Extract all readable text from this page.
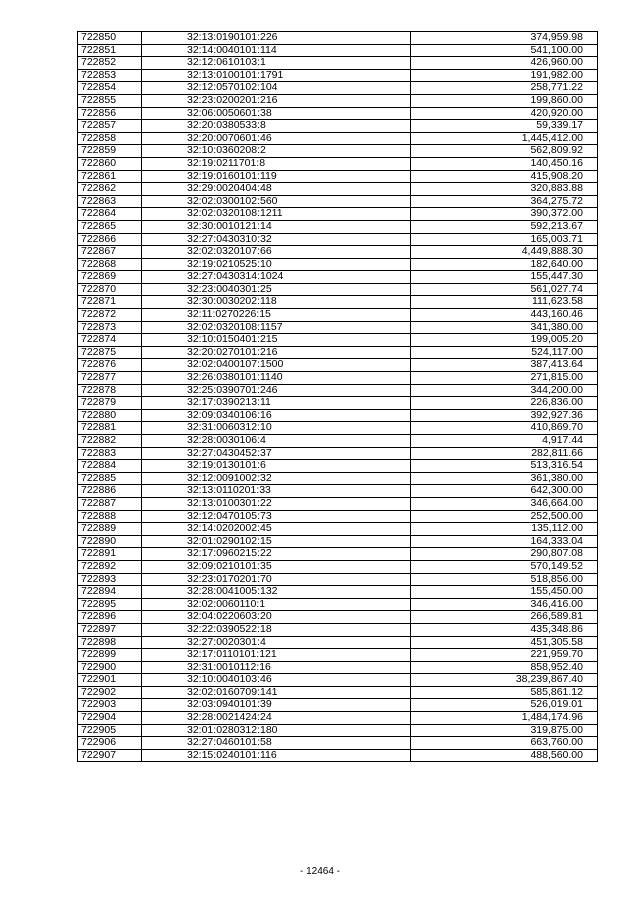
722850	32:13:0190101:226	374,959.98
722851	32:14:0040101:114	541,100.00
722852	32:12:0610103:1	426,960.00
722853	32:13:0100101:1791	191,982.00
722854	32:12:0570102:104	258,771.22
722855	32:23:0200201:216	199,860.00
722856	32:06:0050601:38	420,920.00
722857	32:20:0380533:8	59,339.17
722858	32:20:0070601:46	1,445,412.00
722859	32:10:0360208:2	562,809.92
722860	32:19:0211701:8	140,450.16
722861	32:19:0160101:119	415,908.20
722862	32:29:0020404:48	320,883.88
722863	32:02:0300102:560	364,275.72
722864	32:02:0320108:1211	390,372.00
722865	32:30:0010121:14	592,213.67
722866	32:27:0430310:32	165,003.71
722867	32:02:0320107:66	4,449,888.30
722868	32:19:0210525:10	182,640.00
722869	32:27:0430314:1024	155,447.30
722870	32:23:0040301:25	561,027.74
722871	32:30:0030202:118	111,623.58
722872	32:11:0270226:15	443,160.46
722873	32:02:0320108:1157	341,380.00
722874	32:10:0150401:215	199,005.20
722875	32:20:0270101:216	524,117.00
722876	32:02:0400107:1500	387,413.64
722877	32:26:0380101:1140	271,815.00
722878	32:25:0390701:246	344,200.00
722879	32:17:0390213:11	226,836.00
722880	32:09:0340106:16	392,927.36
722881	32:31:0060312:10	410,869.70
722882	32:28:0030106:4	4,917.44
722883	32:27:0430452:37	282,811.66
722884	32:19:0130101:6	513,316.54
722885	32:12:0091002:32	361,380.00
722886	32:13:0110201:33	642,300.00
722887	32:13:0100301:22	346,664.00
722888	32:12:0470105:73	252,500.00
722889	32:14:0202002:45	135,112.00
722890	32:01:0290102:15	164,333.04
722891	32:17:0960215:22	290,807.08
722892	32:09:0210101:35	570,149.52
722893	32:23:0170201:70	518,856.00
722894	32:28:0041005:132	155,450.00
722895	32:02:0060110:1	346,416.00
722896	32:04:0220603:20	266,589.81
722897	32:22:0390522:18	435,348.86
722898	32:27:0020301:4	451,305.58
722899	32:17:0110101:121	221,959.70
722900	32:31:0010112:16	858,952.40
722901	32:10:0040103:46	38,239,867.40
722902	32:02:0160709:141	585,861.12
722903	32:03:0940101:39	526,019.01
722904	32:28:0021424:24	1,484,174.96
722905	32:01:0280312:180	319,875.00
722906	32:27:0460101:58	663,760.00
722907	32:15:0240101:116	488,560.00
- 12464 -
